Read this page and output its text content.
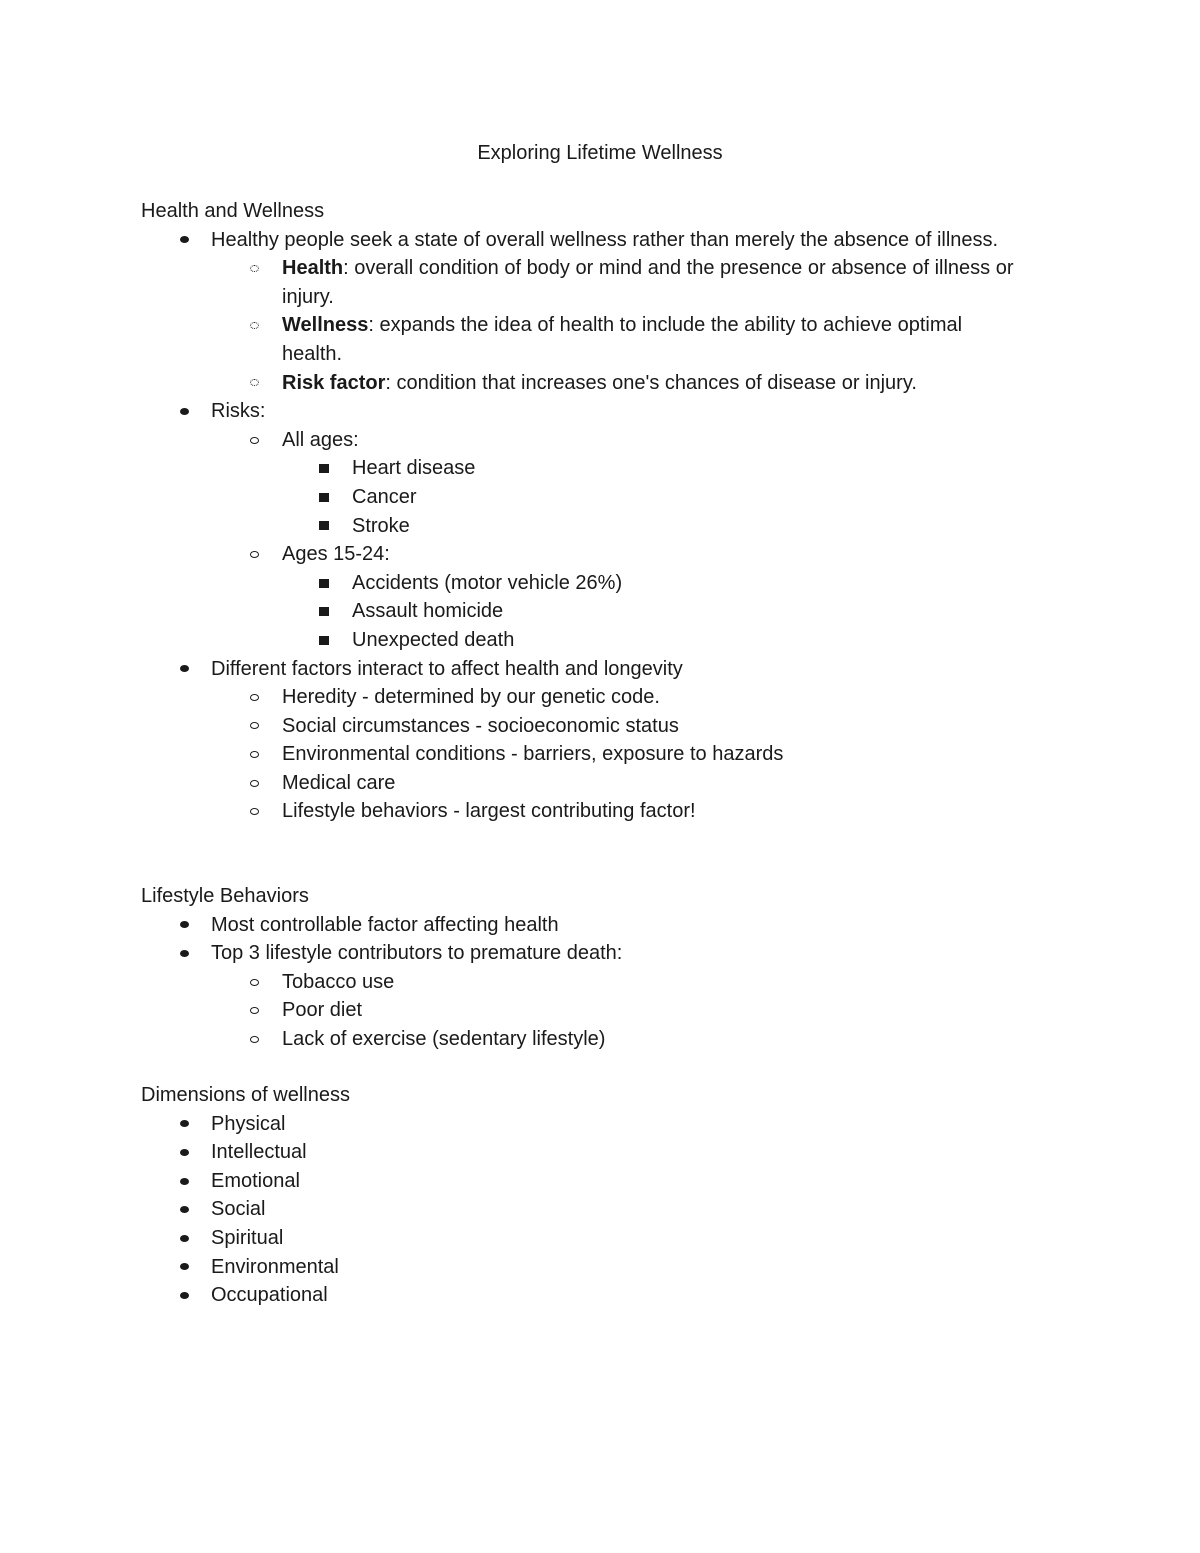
Exploring Lifetime Wellness

Health and Wellness

Healthy people seek a state of overall wellness rather than merely the absence of illness.
Health: overall condition of body or mind and the presence or absence of illness or injury.
Wellness: expands the idea of health to include the ability to achieve optimal health.
Risk factor: condition that increases one's chances of disease or injury.
Risks:
All ages:
Heart disease
Cancer
Stroke
Ages 15-24:
Accidents (motor vehicle 26%)
Assault homicide
Unexpected death
Different factors interact to affect health and longevity
Heredity - determined by our genetic code.
Social circumstances - socioeconomic status
Environmental conditions - barriers, exposure to hazards
Medical care
Lifestyle behaviors - largest contributing factor!

Lifestyle Behaviors

Most controllable factor affecting health
Top 3 lifestyle contributors to premature death:
Tobacco use
Poor diet
Lack of exercise (sedentary lifestyle)

Dimensions of wellness

Physical
Intellectual
Emotional
Social
Spiritual
Environmental
Occupational
